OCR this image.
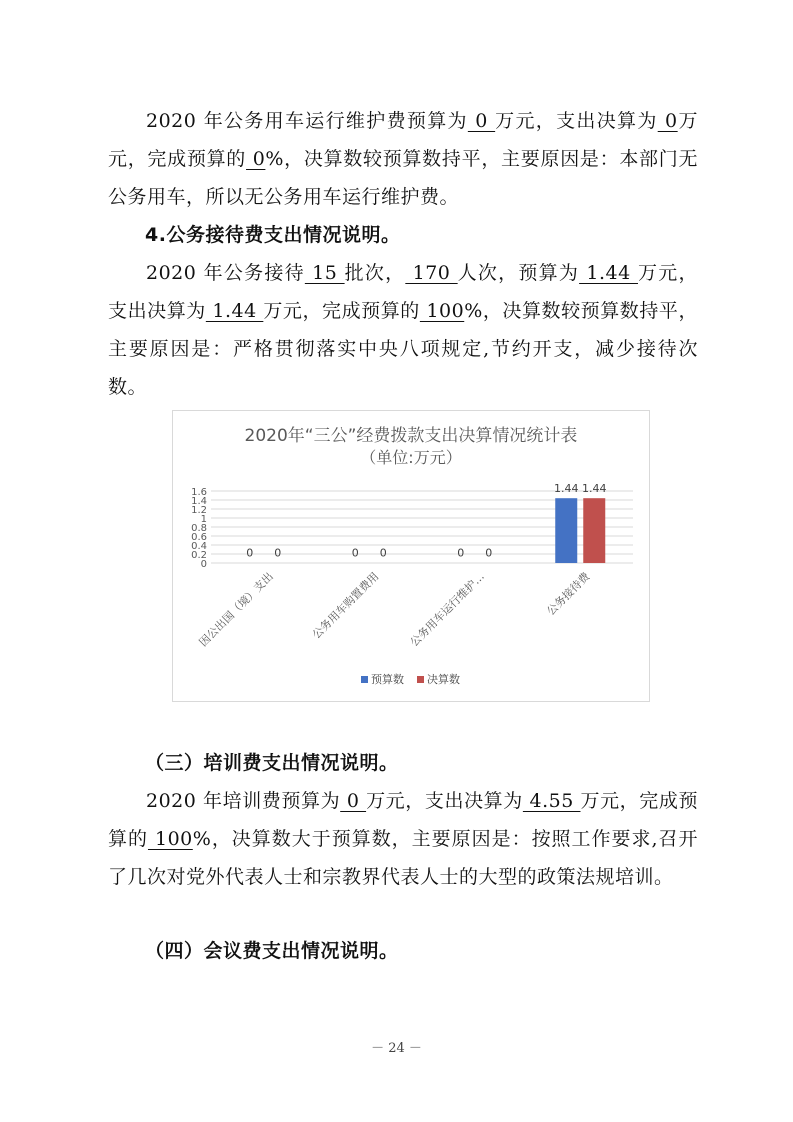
2020 年公务用车运行维护费预算为 0 万元，支出决算为 0万元，完成预算的 0%，决算数较预算数持平，主要原因是：本部门无公务用车，所以无公务用车运行维护费。

4.公务接待费支出情况说明。

2020 年公务接待 15 批次， 170 人次，预算为 1.44 万元，支出决算为 1.44 万元，完成预算的 100%，决算数较预算数持平，主要原因是：严格贯彻落实中央八项规定,节约开支，减少接待次数。

2020年“三公”经费拨款支出决算情况统计表
（单位:万元）
0
0.2
0.4
0.6
0.8
1
1.2
1.4
1.6
0 0
因公出国（境）支出
0 0
公务用车购置费用
0 0
公务用车运行维护…
1.44 1.44
公务接待费
预算数 决算数

（三）培训费支出情况说明。

2020 年培训费预算为 0 万元，支出决算为 4.55 万元，完成预算的 100%，决算数大于预算数，主要原因是：按照工作要求,召开了几次对党外代表人士和宗教界代表人士的大型的政策法规培训。

（四）会议费支出情况说明。

－ 24 －
